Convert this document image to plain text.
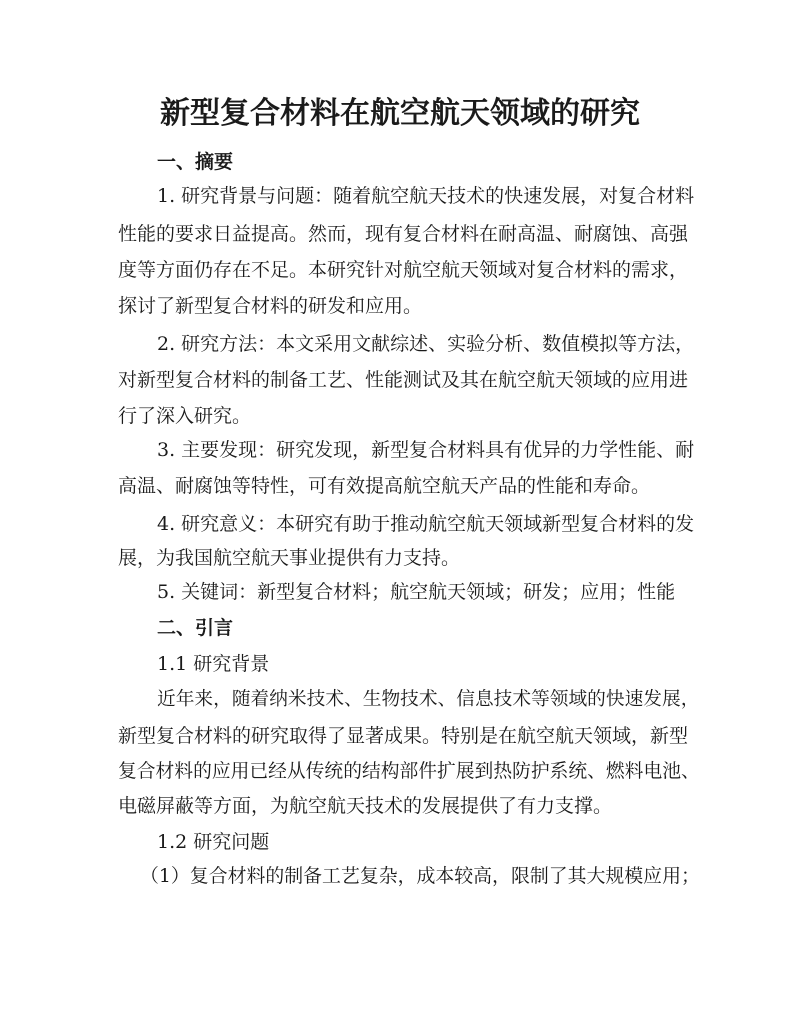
新型复合材料在航空航天领域的研究
一、摘要
1. 研究背景与问题：随着航空航天技术的快速发展，对复合材料
性能的要求日益提高。然而，现有复合材料在耐高温、耐腐蚀、高强
度等方面仍存在不足。本研究针对航空航天领域对复合材料的需求，
探讨了新型复合材料的研发和应用。
2. 研究方法：本文采用文献综述、实验分析、数值模拟等方法，
对新型复合材料的制备工艺、性能测试及其在航空航天领域的应用进
行了深入研究。
3. 主要发现：研究发现，新型复合材料具有优异的力学性能、耐
高温、耐腐蚀等特性，可有效提高航空航天产品的性能和寿命。
4. 研究意义：本研究有助于推动航空航天领域新型复合材料的发
展，为我国航空航天事业提供有力支持。
5. 关键词：新型复合材料；航空航天领域；研发；应用；性能
二、引言
1.1 研究背景
近年来，随着纳米技术、生物技术、信息技术等领域的快速发展，
新型复合材料的研究取得了显著成果。特别是在航空航天领域，新型
复合材料的应用已经从传统的结构部件扩展到热防护系统、燃料电池、
电磁屏蔽等方面，为航空航天技术的发展提供了有力支撑。
1.2 研究问题
（1）复合材料的制备工艺复杂，成本较高，限制了其大规模应用；
